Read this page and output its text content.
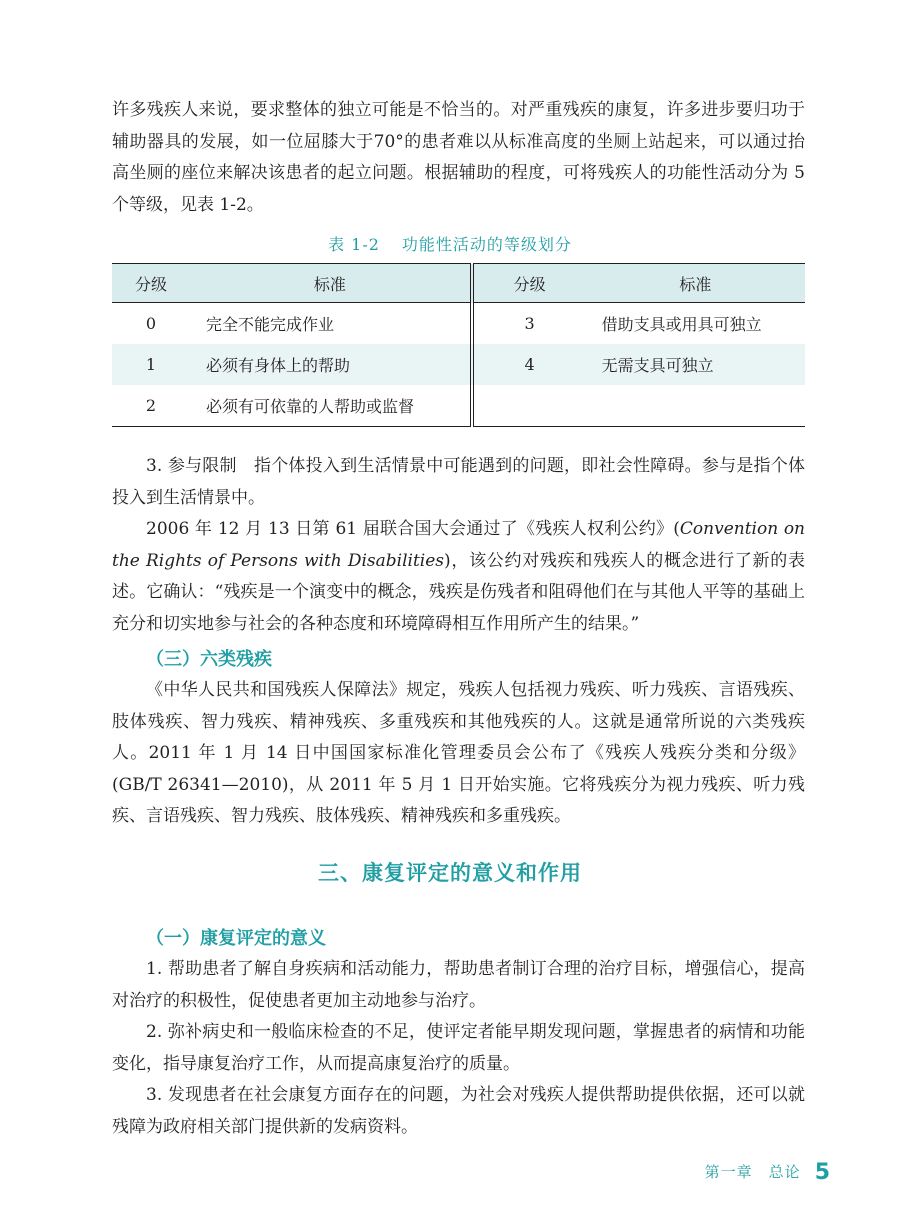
许多残疾人来说，要求整体的独立可能是不恰当的。对严重残疾的康复，许多进步要归功于辅助器具的发展，如一位屈膝大于70°的患者难以从标准高度的坐厕上站起来，可以通过抬高坐厕的座位来解决该患者的起立问题。根据辅助的程度，可将残疾人的功能性活动分为 5 个等级，见表 1-2。

表 1-2 功能性活动的等级划分
分级	标准	分级	标准
0	完全不能完成作业	3	借助支具或用具可独立
1	必须有身体上的帮助	4	无需支具可独立
2	必须有可依靠的人帮助或监督		

3. 参与限制　指个体投入到生活情景中可能遇到的问题，即社会性障碍。参与是指个体投入到生活情景中。

2006 年 12 月 13 日第 61 届联合国大会通过了《残疾人权利公约》(Convention on the Rights of Persons with Disabilities)，该公约对残疾和残疾人的概念进行了新的表述。它确认：“残疾是一个演变中的概念，残疾是伤残者和阻碍他们在与其他人平等的基础上充分和切实地参与社会的各种态度和环境障碍相互作用所产生的结果。”

（三）六类残疾

《中华人民共和国残疾人保障法》规定，残疾人包括视力残疾、听力残疾、言语残疾、肢体残疾、智力残疾、精神残疾、多重残疾和其他残疾的人。这就是通常所说的六类残疾人。2011 年 1 月 14 日中国国家标准化管理委员会公布了《残疾人残疾分类和分级》(GB/T 26341—2010)，从 2011 年 5 月 1 日开始实施。它将残疾分为视力残疾、听力残疾、言语残疾、智力残疾、肢体残疾、精神残疾和多重残疾。

三、康复评定的意义和作用
（一）康复评定的意义

1. 帮助患者了解自身疾病和活动能力，帮助患者制订合理的治疗目标，增强信心，提高对治疗的积极性，促使患者更加主动地参与治疗。

2. 弥补病史和一般临床检查的不足，使评定者能早期发现问题，掌握患者的病情和功能变化，指导康复治疗工作，从而提高康复治疗的质量。

3. 发现患者在社会康复方面存在的问题，为社会对残疾人提供帮助提供依据，还可以就残障为政府相关部门提供新的发病资料。

第一章　总论 5
